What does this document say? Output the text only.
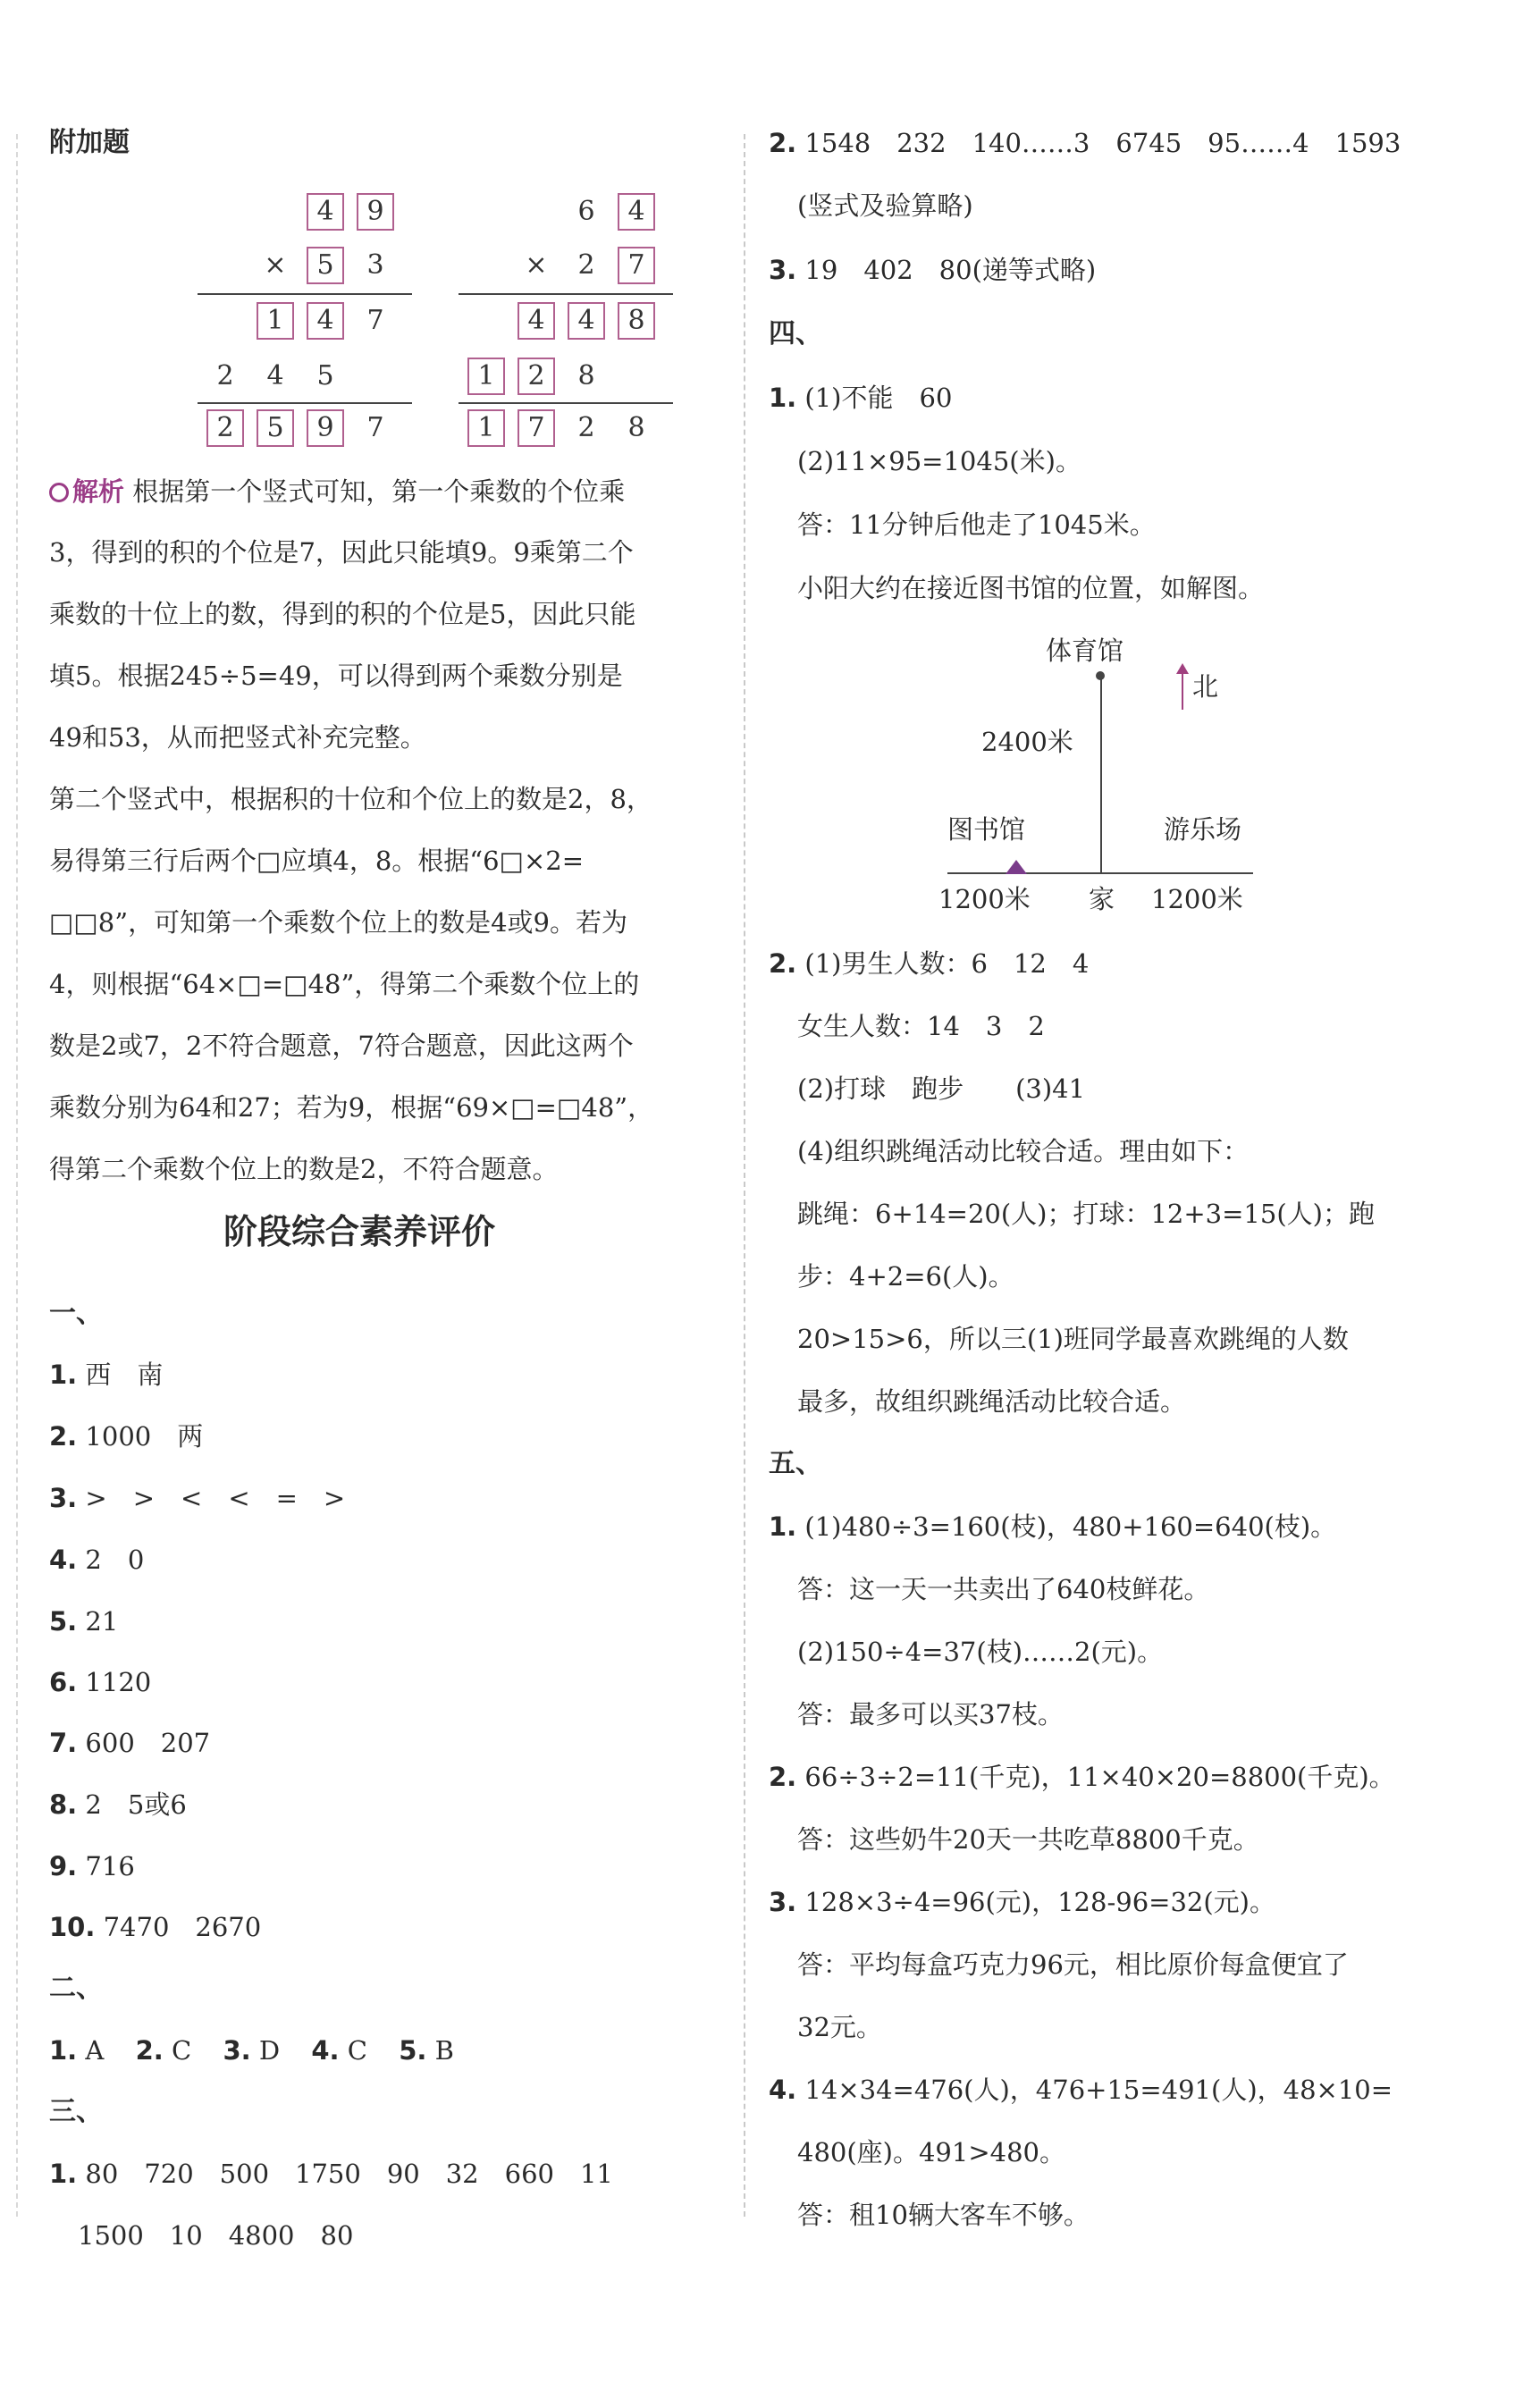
附加题
4	9
×	5	3
1	4	7
2	4	5
2	5	9	7
6	4
×	2	7
4	4	8
1	2	8
1	7	2	8
解析 根据第一个竖式可知，第一个乘数的个位乘
3，得到的积的个位是7，因此只能填9。9乘第二个
乘数的十位上的数，得到的积的个位是5，因此只能
填5。根据245÷5=49，可以得到两个乘数分别是
49和53，从而把竖式补充完整。
第二个竖式中，根据积的十位和个位上的数是2，8，
易得第三行后两个□应填4，8。根据“6□×2=
□□8”，可知第一个乘数个位上的数是4或9。若为
4，则根据“64×□=□48”，得第二个乘数个位上的
数是2或7，2不符合题意，7符合题意，因此这两个
乘数分别为64和27；若为9，根据“69×□=□48”，
得第二个乘数个位上的数是2，不符合题意。
阶段综合素养评价
一、
1. 西　南
2. 1000　两
3. >　>　<　<　=　>
4. 2　0
5. 21
6. 1120
7. 600　207
8. 2　5或6
9. 716
10. 7470　2670
二、
1. A 2. C 3. D 4. C 5. B
三、
1. 80　720　500　1750　90　32　660　11
1500　10　4800　80
2. 1548　232　140……3　6745　95……4　1593
(竖式及验算略)
3. 19　402　80(递等式略)
四、
1. (1)不能　60
(2)11×95=1045(米)。
答：11分钟后他走了1045米。
小阳大约在接近图书馆的位置，如解图。
体育馆
北
2400米
图书馆	游乐场
1200米 家 1200米
2. (1)男生人数：6　12　4
女生人数：14　3　2
(2)打球　跑步　　(3)41
(4)组织跳绳活动比较合适。理由如下：
跳绳：6+14=20(人)；打球：12+3=15(人)；跑
步：4+2=6(人)。
20>15>6，所以三(1)班同学最喜欢跳绳的人数
最多，故组织跳绳活动比较合适。
五、
1. (1)480÷3=160(枝)，480+160=640(枝)。
答：这一天一共卖出了640枝鲜花。
(2)150÷4=37(枝)……2(元)。
答：最多可以买37枝。
2. 66÷3÷2=11(千克)，11×40×20=8800(千克)。
答：这些奶牛20天一共吃草8800千克。
3. 128×3÷4=96(元)，128-96=32(元)。
答：平均每盒巧克力96元，相比原价每盒便宜了
32元。
4. 14×34=476(人)，476+15=491(人)，48×10=
480(座)。491>480。
答：租10辆大客车不够。
